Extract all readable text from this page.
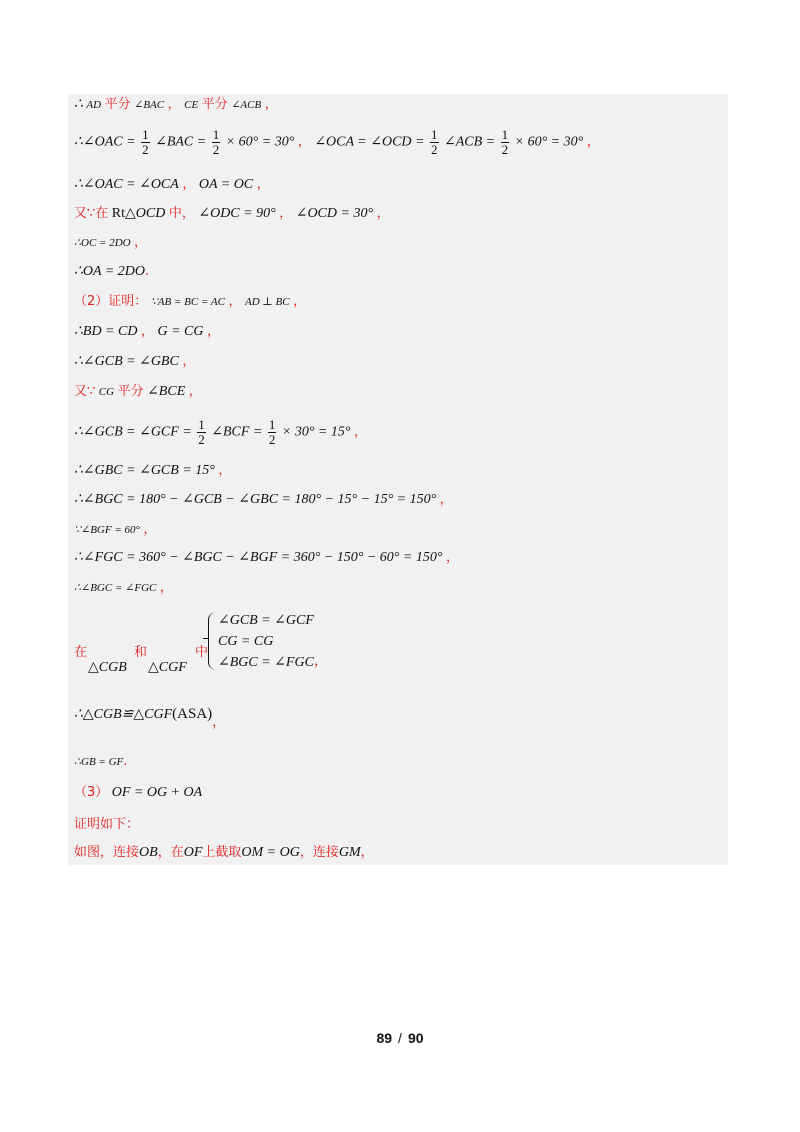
∴ AD 平分 ∠BAC ， CE 平分 ∠ACB ，
∴∠OAC = $\frac{1}{2}$ ∠BAC = $\frac{1}{2} \times 60^\circ = 30^\circ$ ， ∠OCA = ∠OCD = $\frac{1}{2}$ ∠ACB = $\frac{1}{2} \times 60^\circ = 30^\circ$ ，
∴∠OAC = ∠OCA ， OA = OC ，
又∵在 Rt△OCD 中， ∠ODC = 90° ， ∠OCD = 30° ，
∴OC = 2DO ，
∴OA = 2DO.
（2）证明： ∵AB = BC = AC ， AD ⊥ BC ，
∴BD = CD ， G = CG ，
∴∠GCB = ∠GBC ，
又∵ CG 平分 ∠BCE ，
∴∠GCB = ∠GCF = $\frac{1}{2}$ ∠BCF = $\frac{1}{2} \times 30^\circ = 15^\circ$ ，
∴∠GBC = ∠GCB = 15° ，
∴∠BGC = 180° − ∠GCB − ∠GBC = 180° − 15° − 15° = 150° ，
∵∠BGF = 60° ，
∴∠FGC = 360° − ∠BGC − ∠BGF = 360° − 150° − 60° = 150° ，
∴∠BGC = ∠FGC ，
在
△CGB
和
△CGF
中
∠GCB = ∠GCF
CG = CG
∠BGC = ∠FGC ，
∴△CGB≌△CGF(ASA)，
∴GB = GF.
（3） OF = OG + OA
证明如下：
如图，连接OB，在OF上截取OM = OG，连接GM，
89 / 90
